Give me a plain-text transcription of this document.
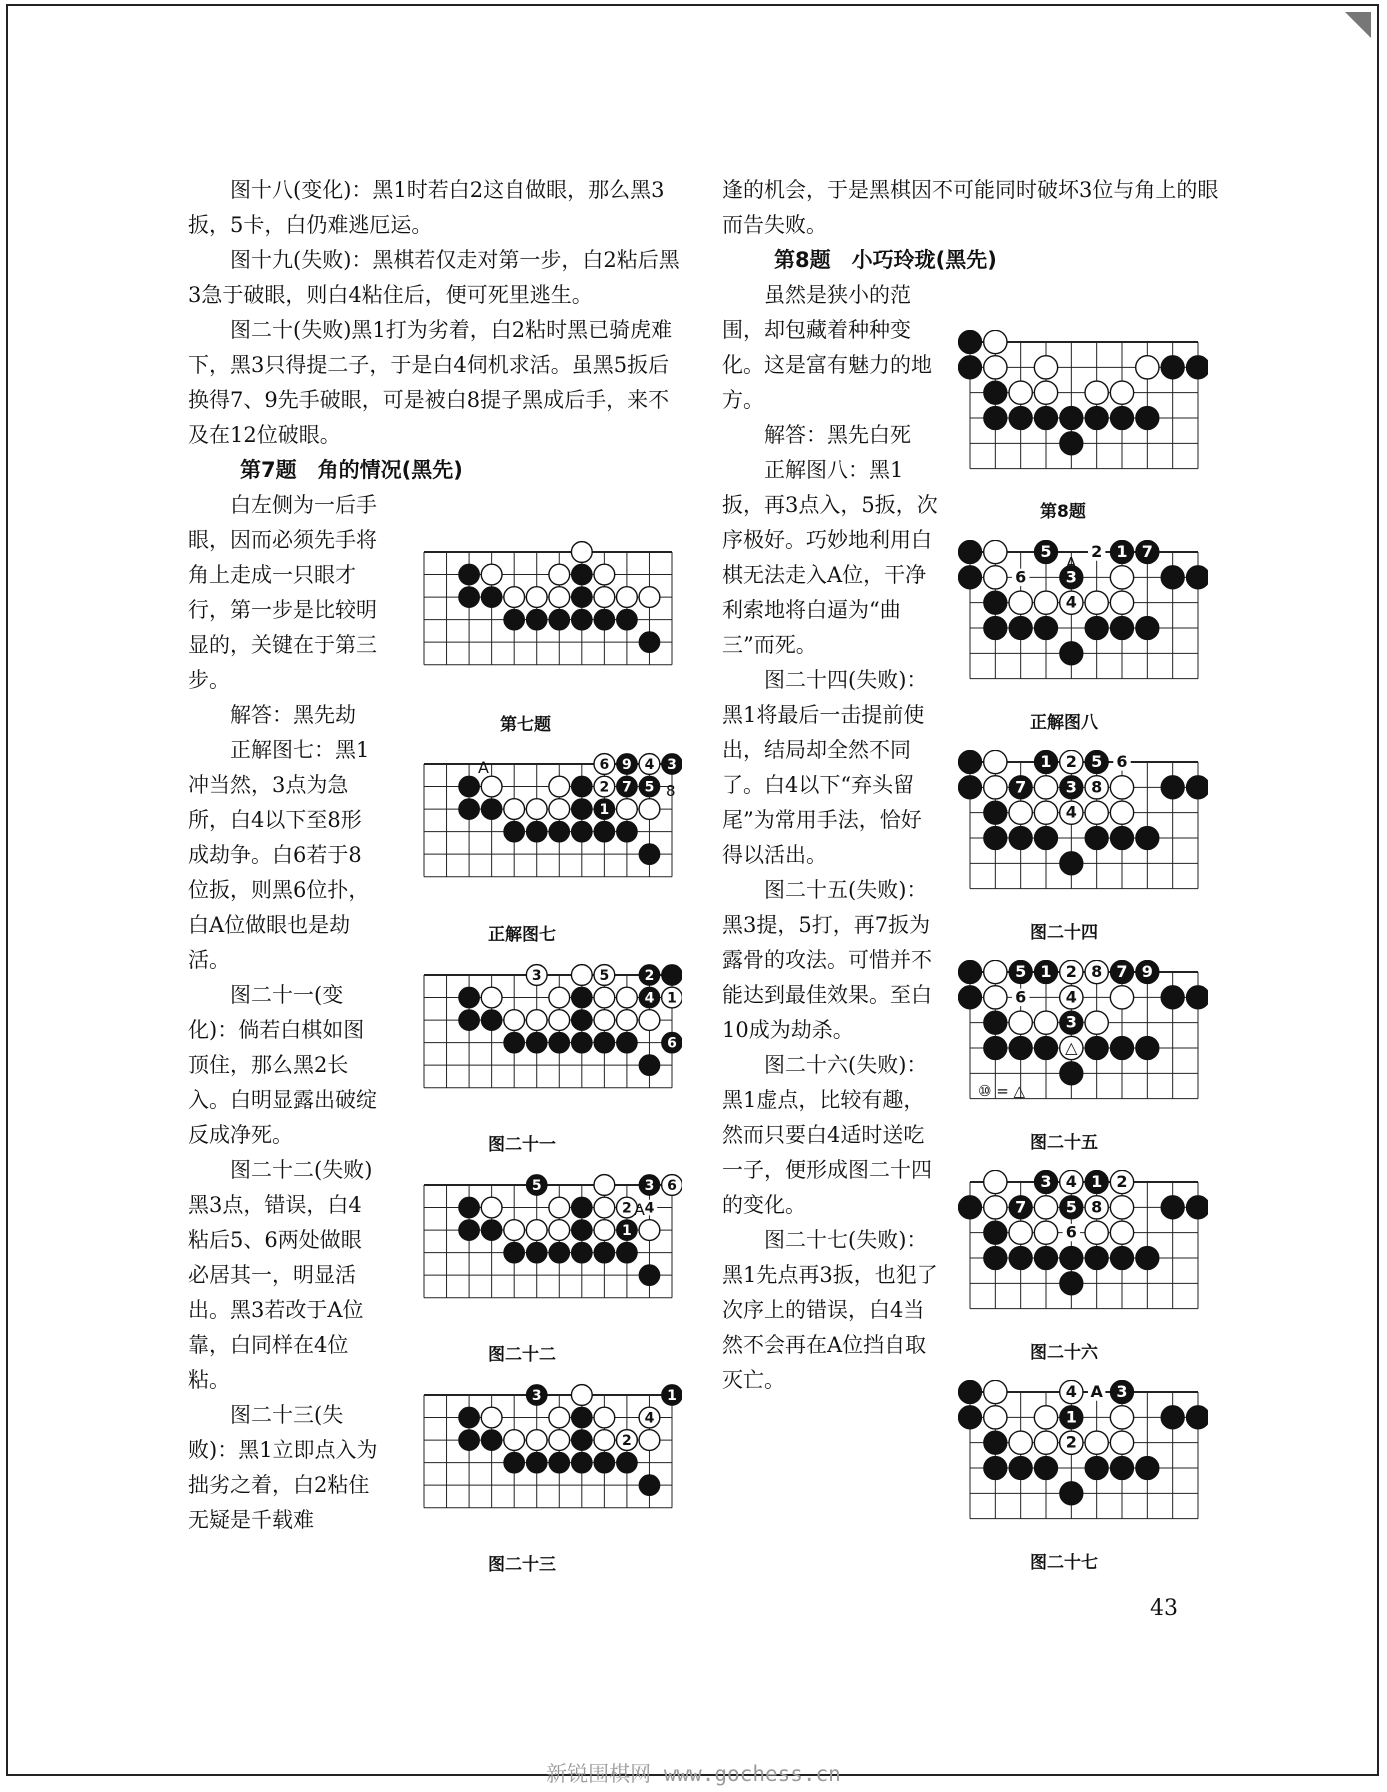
图十八(变化)：黑1时若白2这自做眼，那么黑3扳，5卡，白仍难逃厄运。

图十九(失败)：黑棋若仅走对第一步，白2粘后黑3急于破眼，则白4粘住后，便可死里逃生。

图二十(失败)黑1打为劣着，白2粘时黑已骑虎难下，黑3只得提二子，于是白4伺机求活。虽黑5扳后换得7、9先手破眼，可是被白8提子黑成后手，来不及在12位破眼。

第7题　角的情况(黑先)

白左侧为一后手眼，因而必须先手将角上走成一只眼才行，第一步是比较明显的，关键在于第三步。

解答：黑先劫

正解图七：黑1冲当然，3点为急所，白4以下至8形成劫争。白6若于8位扳，则黑6位扑，白A位做眼也是劫活。

图二十一(变化)：倘若白棋如图顶住，那么黑2长入。白明显露出破绽反成净死。

图二十二(失败)黑3点，错误，白4粘后5、6两处做眼必居其一，明显活出。黑3若改于A位靠，白同样在4位粘。

图二十三(失败)：黑1立即点入为拙劣之着，白2粘住无疑是千载难

逢的机会，于是黑棋因不可能同时破坏3位与角上的眼而告失败。

第8题　小巧玲珑(黑先)

虽然是狭小的范围，却包藏着种种变化。这是富有魅力的地方。

解答：黑先白死

正解图八：黑1扳，再3点入，5扳，次序极好。巧妙地利用白棋无法走入A位，干净利索地将白逼为“曲三”而死。

图二十四(失败)：黑1将最后一击提前使出，结局却全然不同了。白4以下“弃头留尾”为常用手法，恰好得以活出。

图二十五(失败)：黑3提，5打，再7扳为露骨的攻法。可惜并不能达到最佳效果。至白10成为劫杀。

图二十六(失败)：黑1虚点，比较有趣，然而只要白4适时送吃一子，便形成图二十四的变化。

图二十七(失败)：黑1先点再3扳，也犯了次序上的错误，白4当然不会再在A位挡自取灭亡。

第七题
6 9 4 3
2 7 5
1
正解图七
3	5	2
4 1
6
图二十一
5	3 6
2 4
1
图二十二
3	1
4
2
图二十三
第8题
5 2 1 7
6 3
4
正解图八
1 2 5 6
7 3 8
4
图二十四
5 1 2 8 7 9
6 4
3
△
图二十五
3 4 1 2
7 5 8
6
图二十六
4 A 3
1
2
图二十七
A
8
A
A
⑩ = △
43
新锐围棋网 www.gochess.cn
